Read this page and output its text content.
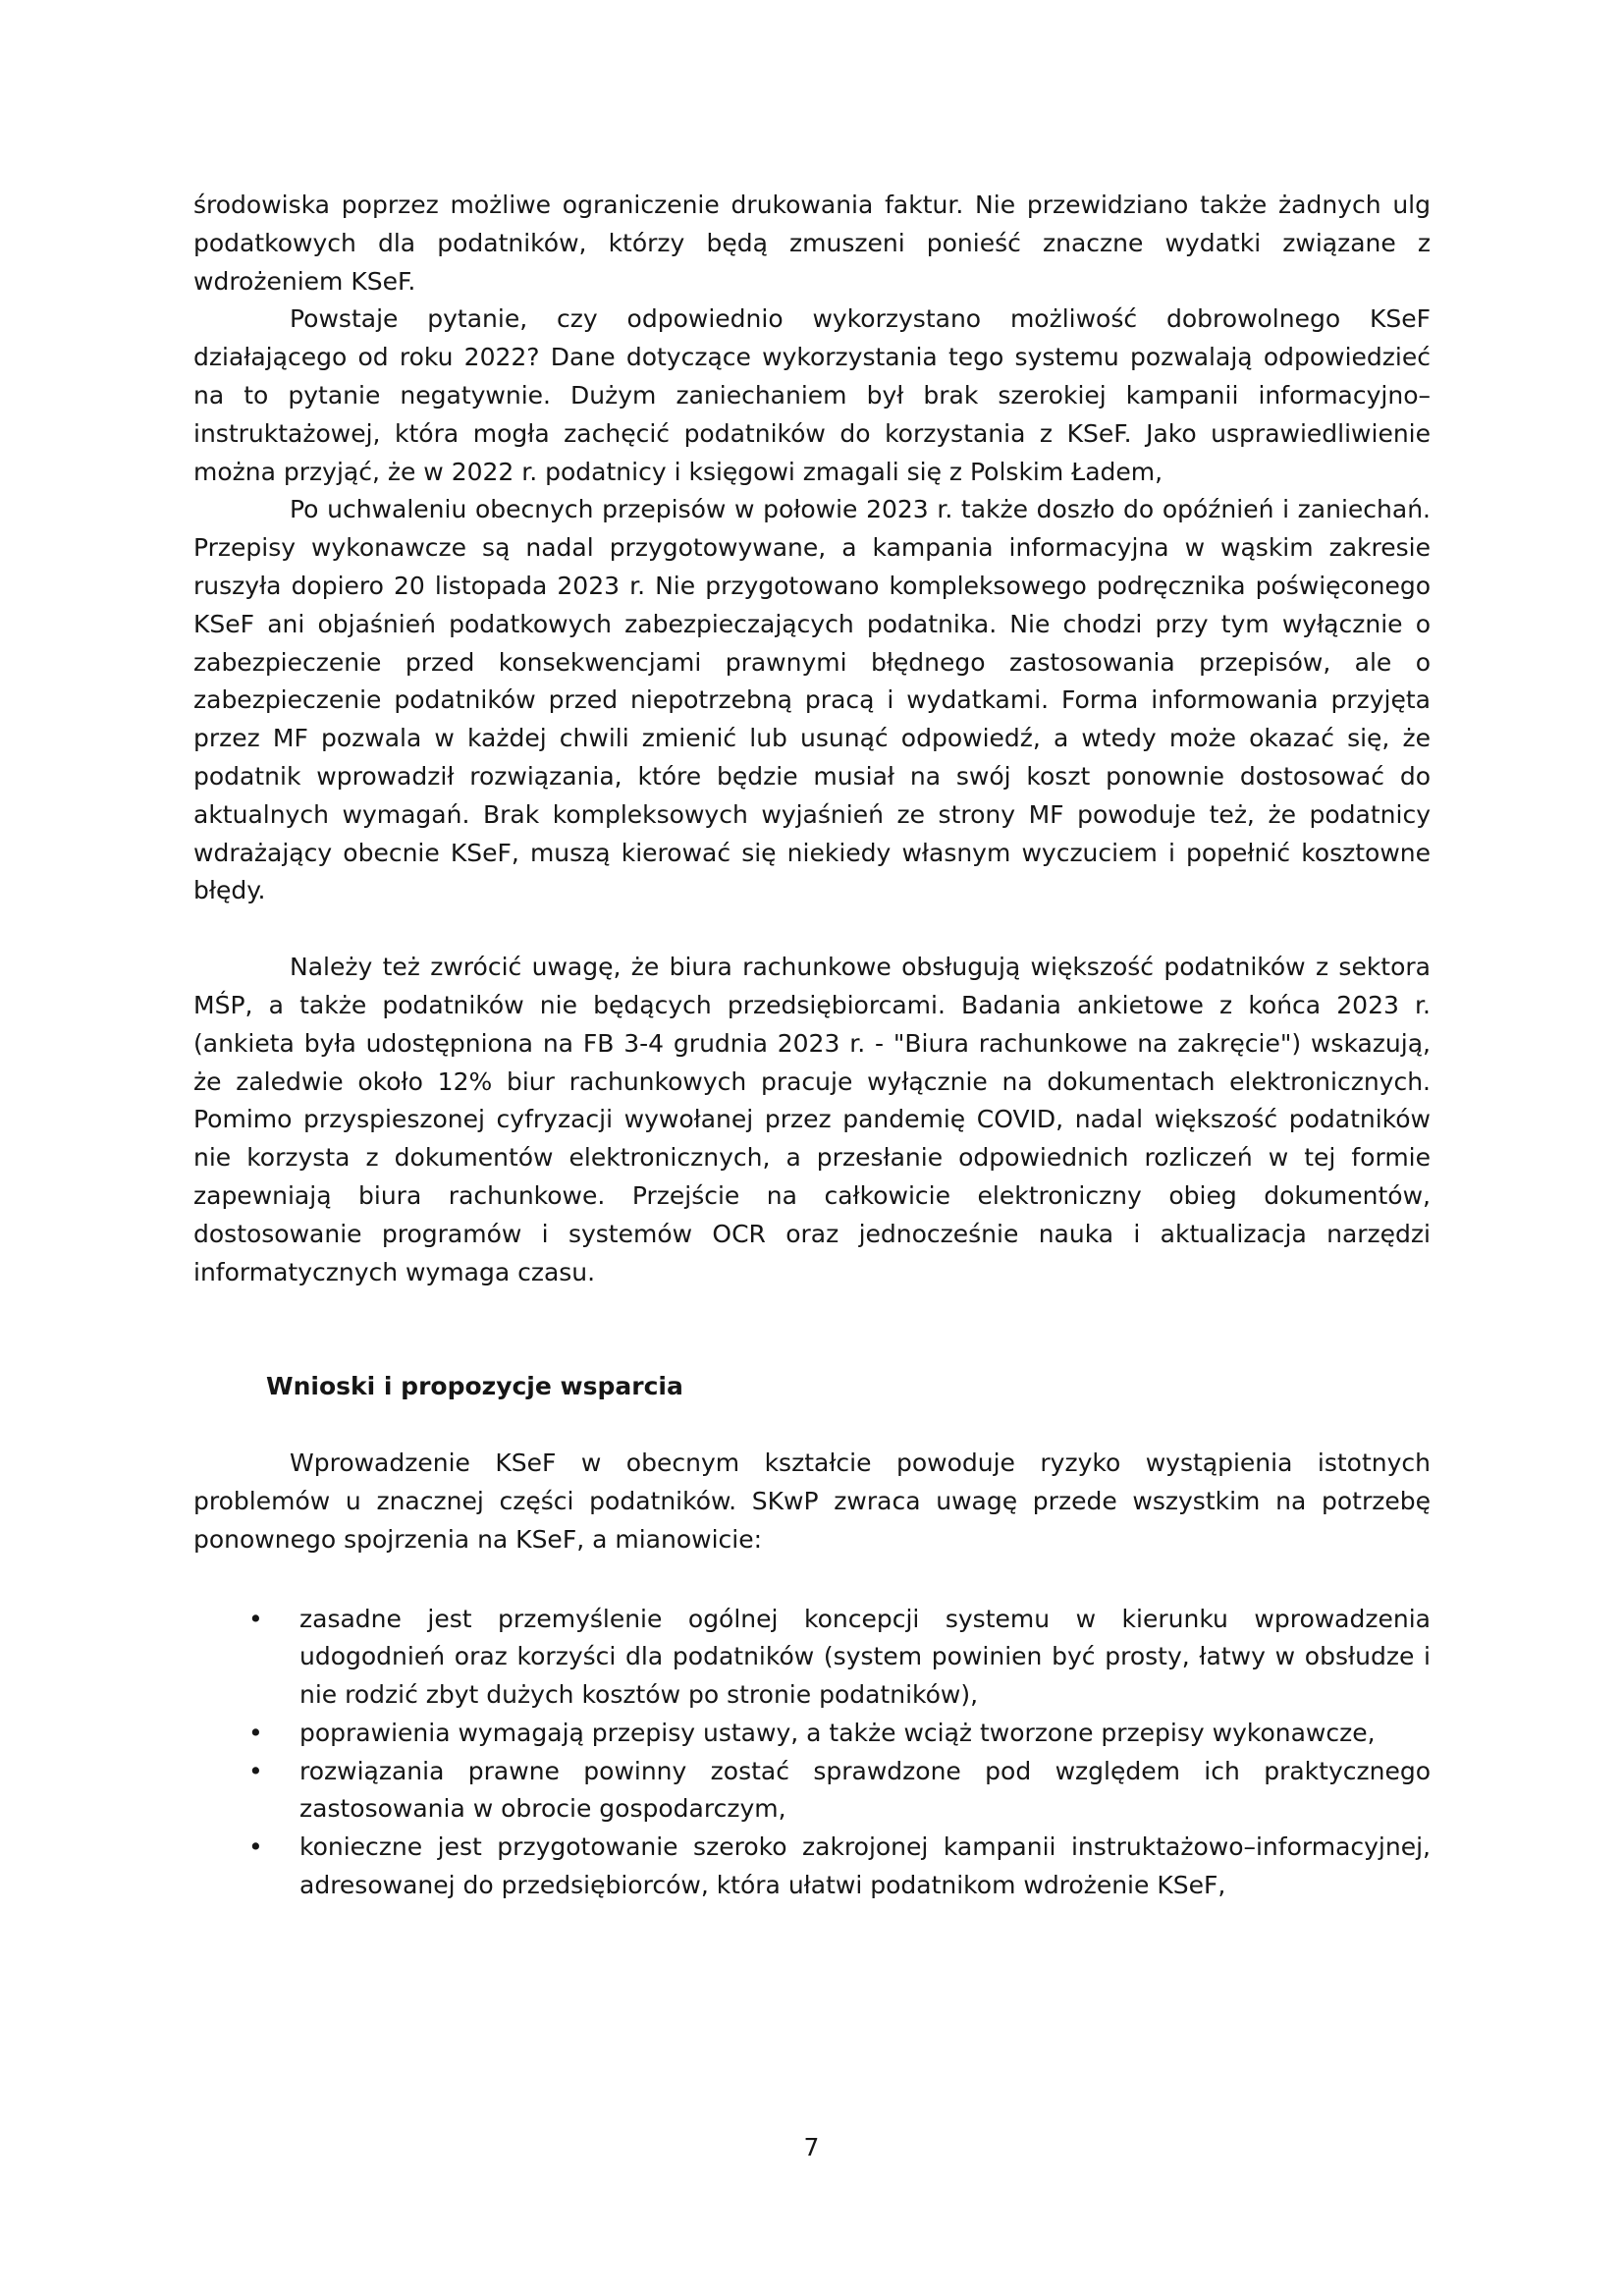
środowiska poprzez możliwe ograniczenie drukowania faktur. Nie przewidziano także żadnych ulg podatkowych dla podatników, którzy będą zmuszeni ponieść znaczne wydatki związane z wdrożeniem KSeF.

Powstaje pytanie, czy odpowiednio wykorzystano możliwość dobrowolnego KSeF działającego od roku 2022? Dane dotyczące wykorzystania tego systemu pozwalają odpowiedzieć na to pytanie negatywnie. Dużym zaniechaniem był brak szerokiej kampanii informacyjno–instruktażowej, która mogła zachęcić podatników do korzystania z KSeF. Jako usprawiedliwienie można przyjąć, że w 2022 r. podatnicy i księgowi zmagali się z Polskim Ładem,

Po uchwaleniu obecnych przepisów w połowie 2023 r. także doszło do opóźnień i zaniechań. Przepisy wykonawcze są nadal przygotowywane, a kampania informacyjna w wąskim zakresie ruszyła dopiero 20 listopada 2023 r. Nie przygotowano kompleksowego podręcznika poświęconego KSeF ani objaśnień podatkowych zabezpieczających podatnika. Nie chodzi przy tym wyłącznie o zabezpieczenie przed konsekwencjami prawnymi błędnego zastosowania przepisów, ale o zabezpieczenie podatników przed niepotrzebną pracą i wydatkami. Forma informowania przyjęta przez MF pozwala w każdej chwili zmienić lub usunąć odpowiedź, a wtedy może okazać się, że podatnik wprowadził rozwiązania, które będzie musiał na swój koszt ponownie dostosować do aktualnych wymagań. Brak kompleksowych wyjaśnień ze strony MF powoduje też, że podatnicy wdrażający obecnie KSeF, muszą kierować się niekiedy własnym wyczuciem i popełnić kosztowne błędy.

Należy też zwrócić uwagę, że biura rachunkowe obsługują większość podatników z sektora MŚP, a także podatników nie będących przedsiębiorcami. Badania ankietowe z końca 2023 r. (ankieta była udostępniona na FB 3-4 grudnia 2023 r. - "Biura rachunkowe na zakręcie") wskazują, że zaledwie około 12% biur rachunkowych pracuje wyłącznie na dokumentach elektronicznych. Pomimo przyspieszonej cyfryzacji wywołanej przez pandemię COVID, nadal większość podatników nie korzysta z dokumentów elektronicznych, a przesłanie odpowiednich rozliczeń w tej formie zapewniają biura rachunkowe. Przejście na całkowicie elektroniczny obieg dokumentów, dostosowanie programów i systemów OCR oraz jednocześnie nauka i aktualizacja narzędzi informatycznych wymaga czasu.

Wnioski i propozycje wsparcia

Wprowadzenie KSeF w obecnym kształcie powoduje ryzyko wystąpienia istotnych problemów u znacznej części podatników. SKwP zwraca uwagę przede wszystkim na potrzebę ponownego spojrzenia na KSeF, a mianowicie:

• zasadne jest przemyślenie ogólnej koncepcji systemu w kierunku wprowadzenia udogodnień oraz korzyści dla podatników (system powinien być prosty, łatwy w obsłudze i nie rodzić zbyt dużych kosztów po stronie podatników),
• poprawienia wymagają przepisy ustawy, a także wciąż tworzone przepisy wykonawcze,
• rozwiązania prawne powinny zostać sprawdzone pod względem ich praktycznego zastosowania w obrocie gospodarczym,
• konieczne jest przygotowanie szeroko zakrojonej kampanii instruktażowo–informacyjnej, adresowanej do przedsiębiorców, która ułatwi podatnikom wdrożenie KSeF,
7
